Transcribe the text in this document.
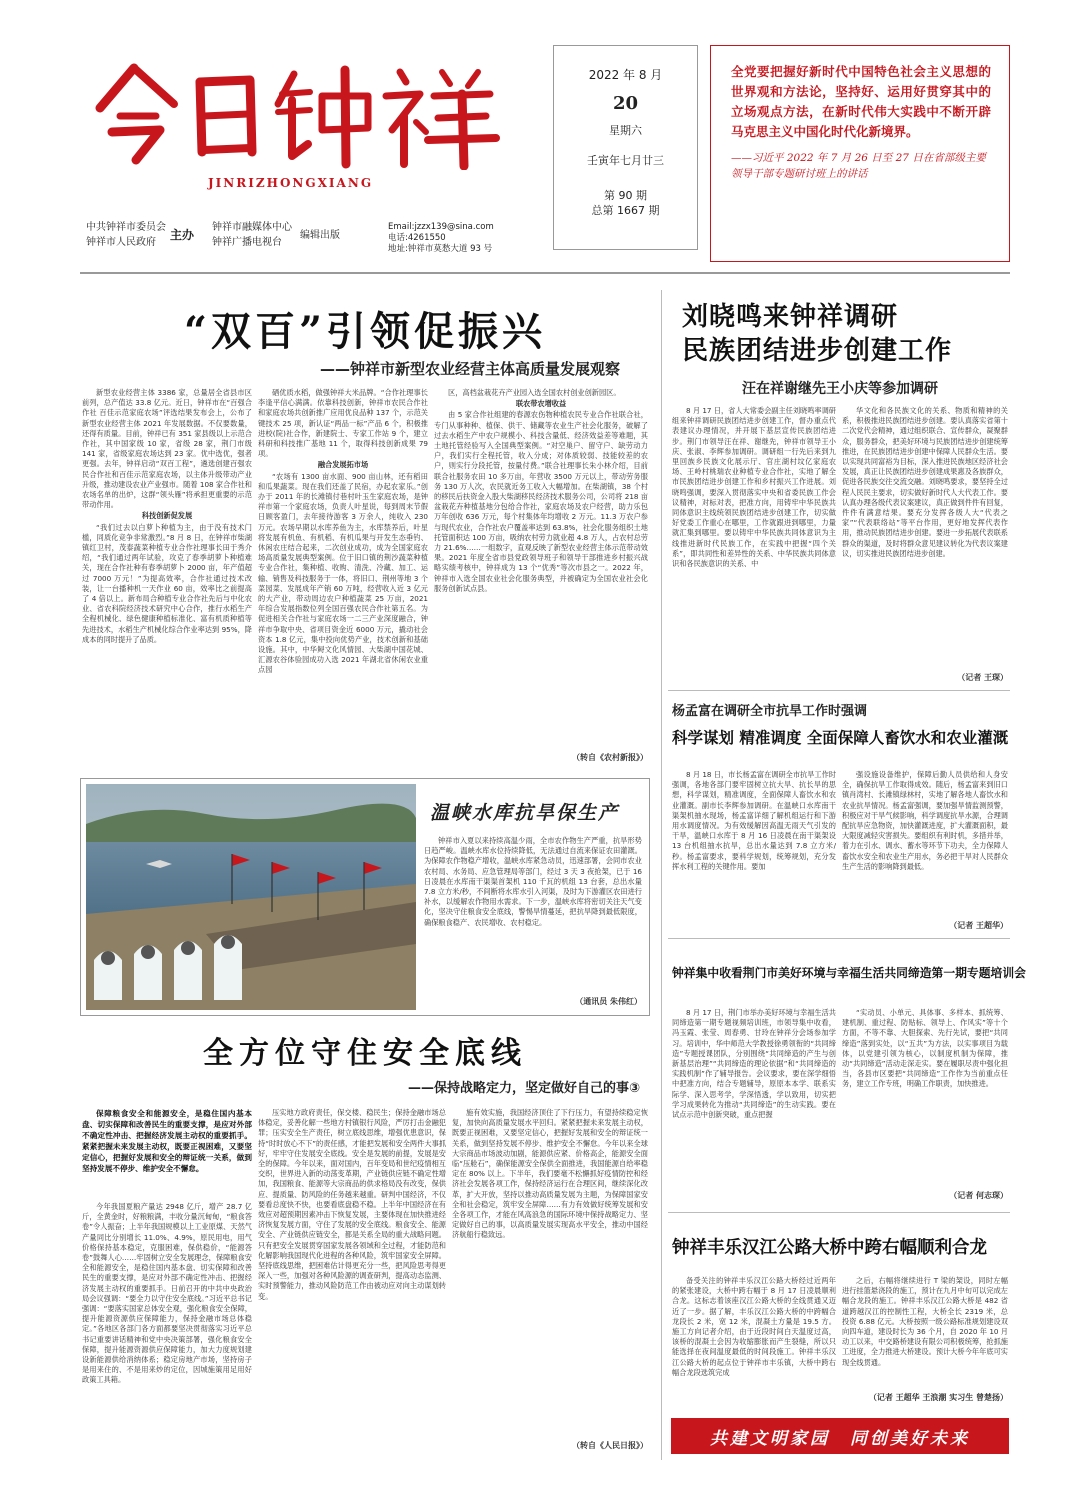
JINRIZHONGXIANG
中共钟祥市委员会
钟祥市人民政府
主办 钟祥市融媒体中心
钟祥广播电视台
编辑出版
Email:jzzx139@sina.com
电话:4261550
地址:钟祥市莫愁大道 93 号
2022 年 8 月
20
星期六
壬寅年七月廿三
第 90 期
总第 1667 期
全党要把握好新时代中国特色社会主义思想的世界观和方法论，坚持好、运用好贯穿其中的立场观点方法，在新时代伟大实践中不断开辟马克思主义中国化时代化新境界。
——习近平 2022 年 7 月 26 日至 27 日在省部级主要领导干部专题研讨班上的讲话
“双百”引领促振兴
——钟祥市新型农业经营主体高质量发展观察

新型农业经营主体 3386 家，总量居全省县市区前列，总产值达 33.8 亿元。近日，钟祥市在“百强合作社 百佳示范家庭农场”评选结果发布会上，公布了新型农业经营主体 2021 年发展数据。不仅要数量，还得有质量。目前，钟祥已有 351 家县级以上示范合作社，其中国家级 10 家，省级 28 家，荆门市级 141 家，省级家庭农场达到 23 家。优中选优，强者更强。去年，钟祥启动“双百工程”，遴选创建百强农民合作社和百佳示范家庭农场，以主体升级带动产业升级，推动建设农业产业强市。随着 108 家合作社和农场名单的出炉，这群“领头雁”将承担更重要的示范带动作用。

科技创新促发展

“我们过去以白萝卜种植为主，由于没有技术门槛，同质化竞争非常激烈。”8 月 8 日，在钟祥市柴湖镇红卫村，茂泰蔬菜种植专业合作社理事长田于秀介绍，“我们通过两年试验，攻克了春季胡萝卜种植难关，现在合作社种有春季胡萝卜 2000 亩，年产值超过 7000 万元！”为提高效率，合作社通过技术改装，让一台播种机一天作业 60 亩，效率比之前提高了 4 倍以上。新布局合种植专业合作社先后与中化农业、省农科院经济技术研究中心合作，推行水稻生产全程机械化、绿色健康种植标准化、富有机质种植等先进技术，水稻生产机械化综合作业率达到 95%，降成本的同时提升了品质。

硒优质水稻，做强钟祥大米品牌。“合作社理事长李逢平信心满满。依靠科技创新，钟祥市农民合作社和家庭农场共创新推广应用优良品种 137 个，示范关键技术 25 项，新认证“两品一标”产品 6 个，积极推进校(院)社合作，新建院士、专家工作站 9 个，建立科研和科技推广基地 11 个，取得科技创新成果 79 项。

融合发展拓市场

“农场有 1300 亩水面、900 亩山林，还有稻田和瓜果蔬菜。现在我们还盖了民宿，办起农家乐。”创办于 2011 年的长滩镇付巷村叶玉生家庭农场，是钟祥市第一个家庭农场，负责人叶星说，每到周末节假日顾客盈门，去年接待游客 3 万余人，纯收入 230 万元。农场早期以水库养鱼为主，水库禁养后，叶星将发展有机鱼、有机稻、有机瓜果与开发生态垂钓、休闲农庄结合起来，二次创业成功，成为全国家庭农场高质量发展典型案例。位于旧口镇的荆沙蔬菜种植专业合作社，集种植、收购、清洗、冷藏、加工、运输、销售及科技服务于一体，将旧口、荆州等地 3 个菜园菜、发展成年产销 60 万吨，经营收入近 3 亿元的大产业，带动周边农户种植蔬菜 25 万亩，2021 年综合发展指数位列全国百强农民合作社第五名。为促进相关合作社与家庭农场一二三产业深度融合，钟祥市争取中央、省项目资金近 6000 万元，撬动社会资本 1.8 亿元，集中投向优势产业，技术创新和基础设施。其中，中华鲟文化风情园、大柴湖中国花城、汇源农谷体验园成功入选 2021 年湖北省休闲农业重点园

区，高档盆栽花卉产业园入选全国农村创业创新园区。

联农带农增收益

由 5 家合作社组建的春源农伤物种植农民专业合作社联合社，专门从事种种、植保、供干、储藏等农业生产社会化服务，破解了过去水稻生产中农户规模小、科技含量低、经济效益差等难题，其土地托管经验写入全国典型案例。“对空巢户、留守户、缺劳动力户，我们实行全程托管，收入分成；对体质较弱、技能较差的农户，则实行分段托管，按量付费。”联合社理事长朱小林介绍，目前联合社服务农田 10 多万亩，年营收 3500 万元以上，带动劳务服务 130 万人次，农民就近务工收入大幅增加。在柴湖镇，38 个村的移民后扶资金入股大柴湖移民经济技术服务公司，公司将 218 亩盆栽花卉种植基地分包给合作社，家庭农场及农户经营，助力乐包万年创收 636 万元，每个村集体年均增收 2 万元。11.3 万农户参与现代农业，合作社农户覆盖率达到 63.8%，社会化服务组织土地托管面积达 100 万亩，吸纳农村劳力就业超 4.8 万人，占农村总劳力 21.6%……一组数字，直观反映了新型农业经营主体示范带动效果。2021 年度全省市县党政领导班子和领导干部推进乡村振兴战略实绩考核中，钟祥成为 13 个“优秀”等次市县之一。2022 年，钟祥市入选全国农业社会化服务典型，并被确定为全国农业社会化服务创新试点县。

（转自《农村新报》）
温峡水库抗旱保生产

钟祥市入夏以来持续高温少雨，全市农作物生产严重，抗旱形势日趋严峻。温峡水库水位持续降低，无法通过自流来保证农田灌溉。为保障农作物稳产增收，温峡水库紧急动员，迅速部署，会同市农业农村局、水务局、应急管理局等部门，经过 3 天 3 夜抢架，已于 16 日凌晨在水库南干渠渠首架机 110 千瓦的机组 13 台套，总出水量 7.8 立方米/秒，不间断将水库水引入河渠，及时为下游灌区农田进行补水，以缓解农作物用水需求。下一步，温峡水库将密切关注天气变化，坚决守住粮食安全底线，警惕旱情蔓延，把抗旱降到最低限度，确保粮食稳产、农民增收、农村稳定。

（通讯员 朱伟红）
全方位守住安全底线
——保持战略定力，坚定做好自己的事③

保障粮食安全和能源安全，是稳住国内基本盘、切实保障和改善民生的重要支撑，是应对外部不确定性冲击、把握经济发展主动权的重要抓手。紧紧把握未来发展主动权，既要正视困难，又要坚定信心，把握好发展和安全的辩证统一关系，做到坚持发展不停步、维护安全不懈怠。

今年我国夏粮产量达 2948 亿斤，增产 28.7 亿斤，全黄金时，好粮粮满，丰收分量沉甸甸，“粮食答卷”令人振奋；上半年我国规模以上工业原煤、天然气产量同比分别增长 11.0%、4.9%，原民用电，用气价格保持基本稳定，克服困难，保供稳价，“能源答卷”鼓舞人心……牢固树立安全发展理念，保障粮食安全和能源安全，是稳住国内基本盘、切实保障和改善民生的重要支撑，是应对外部不确定性冲击、把握经济发展主动权的重要抓手。日前召开的中共中央政治局会议强调：“要全力以守住安全底线。”习近平总书记强调：“要落实国家总体安全观，强化粮食安全保障，提升能源资源供应保障能力，保持金融市场总体稳定。”各地区各部门各方面都要坚决贯彻落实习近平总书记重要讲话精神和党中央决策部署，强化粮食安全保障，提升能源资源供应保障能力，加大力度规划建设新能源供给消纳体系；稳定房地产市场，坚持房子是用来住的、不是用来炒的定位，因城施策用足用好政策工具箱。

压实地方政府责任，保交楼、稳民生；保持金融市场总体稳定，妥善化解一些地方村镇银行风险，严厉打击金融犯罪；压实安全生产责任，树立底线思维，增强优患意识，保持“时时放心不下”的责任感，才能把发展和安全两件大事抓好，牢牢守住发展安全底线。安全是发展的前提，发展是安全的保障。今年以来，面对国内，百年变局和世纪疫情相互交织，世界进入新的动荡变革期，产业链供应链不确定性增加，我国粮食、能源等大宗商品的供求格局没有改变，保供应、提质量、防风险的任务越来越重。研判中国经济，不仅要看总度快不快，也要看底盘稳不稳。上半年中国经济在有效应对超预期因素冲击下恢复发展，主要体现在加快推进经济恢复发展方面，守住了发展的安全底线。粮食安全、能源安全、产业链供应链安全，都是关系全局的重大战略问题。只有把安全发展贯穿国家发展各领域和全过程，才能防范和化解影响我国现代化进程的各种风险，筑牢国家安全屏障。坚持底线思维，把困难估计得更充分一些，把风险思考得更深入一些，加强对各种风险源的调查研判，提高动态监测、实时预警能力，推动风险防范工作由被动应对向主动谋划转变。

施有效实施，我国经济顶住了下行压力，有望持续稳定恢复，加快向高质量发展水平回归。紧紧把握未来发展主动权，既要正视困难，又要坚定信心，把握好发展和安全的辩证统一关系，做到坚持发展不停步、维护安全不懈怠。今年以来全球大宗商品市场波动加剧，能源供应紧、价格高企，能源安全面临“压舱石”，确保能源安全保供全面推进，我国能源自给率稳定在 80% 以上。下半年，我们要毫不松懈抓好疫情防控和经济社会发展各项工作，保持经济运行在合理区间，继续深化改革，扩大开放，坚持以推动高质量发展为主题，为保障国家安全和社会稳定，筑牢安全屏障……有力有效做好统筹发展和安全各项工作，才能在风高浪急的国际环境中保持战略定力、坚定做好自己的事，以高质量发展实现高水平安全，推动中国经济航船行稳致远。

（转自《人民日报》）
刘晓鸣来钟祥调研
民族团结进步创建工作
汪在祥谢继先王小庆等参加调研

8 月 17 日，省人大常委会副主任刘晓鸣率调研组来钟祥调研民族团结进步创建工作，督办重点代表建议办理情况，并开展下基层宣传民族团结进步。荆门市领导汪在祥、谢继先，钟祥市领导王小庆、张淑、李辉参加调研。调研组一行先后来到九里回族乡民族文化展示厅、官庄湖村坟亿家庭农场、王岭村桃瑞农业种植专业合作社，实地了解全市民族团结进步创建工作和乡村振兴工作进展。刘晓鸣强调，要深入贯彻落实中央和省委民族工作会议精神，对标对表，把准方向，用铸牢中华民族共同体意识主线统领民族团结进步创建工作，切实做好党委工作重心在哪里，工作就跟进到哪里，力量就汇集到哪里。要以铸牢中华民族共同体意识为主线推进新时代民族工作，在实践中把握“四个关系”，即共同性和差异性的关系、中华民族共同体意识和各民族意识的关系、中

华文化和各民族文化的关系、物质和精神的关系，积极推进民族团结进步创建。要认真落实省第十二次党代会精神，通过组织联合、宣传群众，凝聚群众，服务群众，把美好环境与民族团结进步创建统筹推进，在民族团结进步创建中保障人民群众生活。要以实现共同富裕为目标，深入推进民族地区经济社会发展，真正让民族团结进步创建成果惠及各族群众，促进各民族交往交流交融。刘晓鸣要求，要坚持全过程人民民主要求，切实做好新时代人大代表工作。要认真办理各级代表议案建议，真正做到件件有回复，件件有满意结果。要充分发挥各级人大“代表之家”“代表联络站”等平台作用，更好地发挥代表作用，推动民族团结进步创建。要进一步拓展代表联系群众的渠道，及时将群众意见建议转化为代表议案建议，切实推进民族团结进步创建。

（记者 王琛）
杨孟富在调研全市抗旱工作时强调
科学谋划 精准调度 全面保障人畜饮水和农业灌溉

8 月 18 日，市长杨孟富在调研全市抗旱工作时强调，各地各部门要牢固树立抗大旱、抗长旱的思想，科学谋划，精准调度，全面保障人畜饮水和农业灌溉。副市长李辉参加调研。在温峡口水库南干渠架机抽水现场，杨孟富详细了解机组运行和下游用水调度情况。为有效缓解因高温无雨天气引发的干旱，温峡口水库于 8 月 16 日凌晨在南干渠架设 13 台机组抽水抗旱，总出水量达到 7.8 立方米/秒。杨孟富要求，要科学规划，统筹规划，充分发挥水利工程的关键作用。要加

强设施设备维护，保障后勤人员供给和人身安全，确保抗旱工作取得成效。随后，杨孟富来到旧口镇肖湾村、长滩镇绿林村，实地了解各地人畜饮水和农业抗旱情况。杨孟富强调，要加强旱情监测预警，积极应对干旱气候影响，科学调度抗旱水源，合理调配抗旱应急物资，加快灌溉进度，扩大灌溉面积，最大限度减轻灾害损失。要组织有利时机，多措并举，着力在引水、调水、蓄水等环节下功夫，全力保障人畜饮水安全和农业生产用水，务必把干旱对人民群众生产生活的影响降到最低。

（记者 王超华）
钟祥集中收看荆门市美好环境与幸福生活共同缔造第一期专题培训会

8 月 17 日，荆门市举办美好环境与幸福生活共同缔造第一期专题视频培训班，市领导集中收看，冯玉霞、张莹、周春勇、甘玲在钟祥分会场参加学习。培训中，华中师范大学教授徐勇领衔的“共同缔造”专题授课团队，分别围绕“共同缔造的产生与创新基层治理”“共同缔造的理论依据”和“共同缔造的实践机制”作了辅导报告。会议要求，要在深学细悟中把准方向，结合专题辅导，原原本本学、联系实际学、深入思考学，学深悟透，学以致用，切实把学习成果转化为推动“共同缔造”的生动实践。要在试点示范中创新突破，重点把握

“实动员、小单元、具体事、多样本、抓统筹、建机制、重过程、防贴标、领导上、作风实”等十个方面，不等不靠、大胆探索、先行先试，要把“共同缔造”落到实处，以“五共”为方法，以实事项目为载体，以党建引领为核心，以制度机制为保障，推动“共同缔造”活动走深走实。要在履职尽责中强化担当，各县市区要把“共同缔造”工作作为当前重点任务，建立工作专班，明确工作职责，加快推进。

（记者 何志琛）
钟祥丰乐汉江公路大桥中跨右幅顺利合龙

备受关注的钟祥丰乐汉江公路大桥经过近两年的紧张建设，大桥中跨右幅于 8 月 17 日凌晨顺利合龙。这标志着该座汉江公路大桥的全线贯通又迈近了一步。据了解，丰乐汉江公路大桥的中跨幅合龙段长 2 米，宽 12 米，混凝土方量是 19.5 方。施工方向记者介绍，由于近段时间白天温度过高，该桥的混凝土会因为收缩膨胀而产生裂缝，所以只能选择在夜间温度最低的时间段施工。钟祥丰乐汉江公路大桥的起点位于钟祥市丰乐镇，大桥中跨右幅合龙段选筑完成

之后，右幅将继续进行 T 梁的架设，同时左幅进行挂篮悬浇段的施工，预计在九月中旬可以完成左幅合龙段的施工。钟祥丰乐汉江公路大桥是 482 省道跨越汉江的控制性工程，大桥全长 2319 米，总投资 6.88 亿元。大桥按照一级公路标准规划建设双向四车道，建设时长为 36 个月，自 2020 年 10 月动工以来，中交路桥建设有限公司积极统筹，抢抓施工进度，全力推进大桥建设。预计大桥今年年底可实现全线贯通。

（记者 王超华 王浪潮 实习生 曾楚扬）
共建文明家园　同创美好未来
